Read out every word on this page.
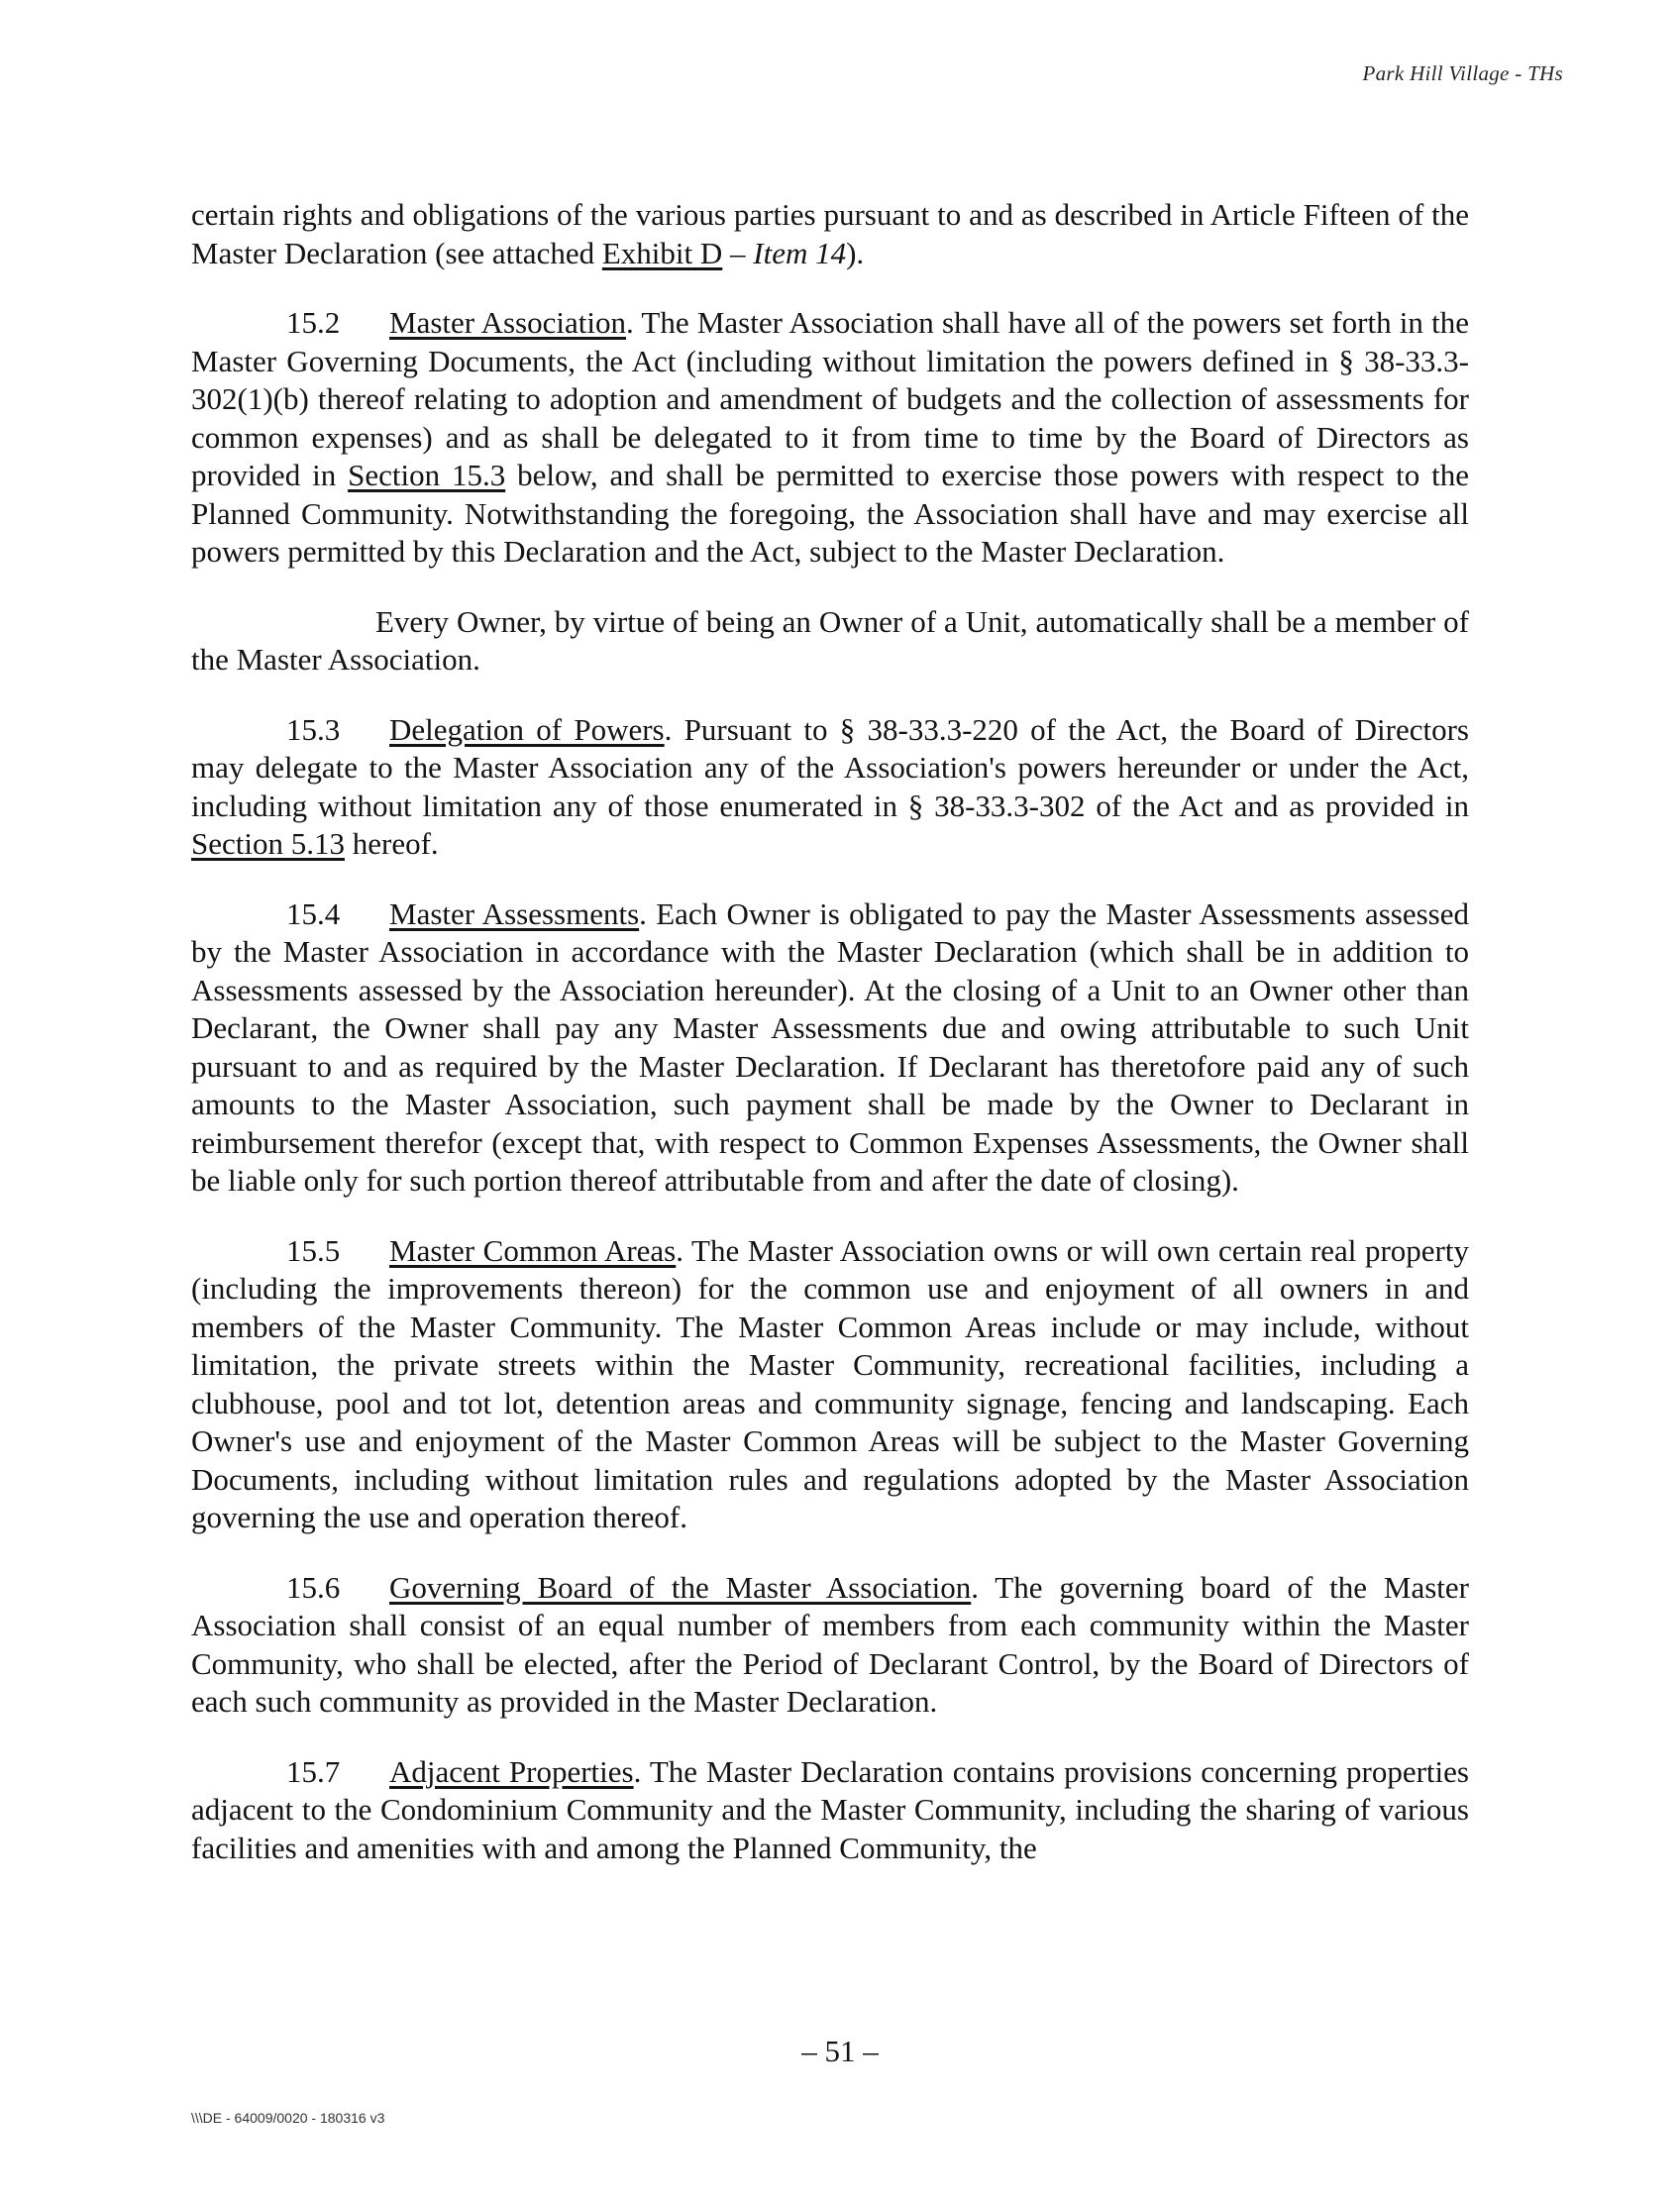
Park Hill Village - THs

certain rights and obligations of the various parties pursuant to and as described in Article Fifteen of the Master Declaration (see attached Exhibit D – Item 14).

15.2 Master Association. The Master Association shall have all of the powers set forth in the Master Governing Documents, the Act (including without limitation the powers defined in § 38-33.3-302(1)(b) thereof relating to adoption and amendment of budgets and the collection of assessments for common expenses) and as shall be delegated to it from time to time by the Board of Directors as provided in Section 15.3 below, and shall be permitted to exercise those powers with respect to the Planned Community. Notwithstanding the foregoing, the Association shall have and may exercise all powers permitted by this Declaration and the Act, subject to the Master Declaration.

Every Owner, by virtue of being an Owner of a Unit, automatically shall be a member of the Master Association.

15.3 Delegation of Powers. Pursuant to § 38-33.3-220 of the Act, the Board of Directors may delegate to the Master Association any of the Association's powers hereunder or under the Act, including without limitation any of those enumerated in § 38-33.3-302 of the Act and as provided in Section 5.13 hereof.

15.4 Master Assessments. Each Owner is obligated to pay the Master Assessments assessed by the Master Association in accordance with the Master Declaration (which shall be in addition to Assessments assessed by the Association hereunder). At the closing of a Unit to an Owner other than Declarant, the Owner shall pay any Master Assessments due and owing attributable to such Unit pursuant to and as required by the Master Declaration. If Declarant has theretofore paid any of such amounts to the Master Association, such payment shall be made by the Owner to Declarant in reimbursement therefor (except that, with respect to Common Expenses Assessments, the Owner shall be liable only for such portion thereof attributable from and after the date of closing).

15.5 Master Common Areas. The Master Association owns or will own certain real property (including the improvements thereon) for the common use and enjoyment of all owners in and members of the Master Community. The Master Common Areas include or may include, without limitation, the private streets within the Master Community, recreational facilities, including a clubhouse, pool and tot lot, detention areas and community signage, fencing and landscaping. Each Owner's use and enjoyment of the Master Common Areas will be subject to the Master Governing Documents, including without limitation rules and regulations adopted by the Master Association governing the use and operation thereof.

15.6 Governing Board of the Master Association. The governing board of the Master Association shall consist of an equal number of members from each community within the Master Community, who shall be elected, after the Period of Declarant Control, by the Board of Directors of each such community as provided in the Master Declaration.

15.7 Adjacent Properties. The Master Declaration contains provisions concerning properties adjacent to the Condominium Community and the Master Community, including the sharing of various facilities and amenities with and among the Planned Community, the

– 51 –
\\\DE - 64009/0020 - 180316 v3
